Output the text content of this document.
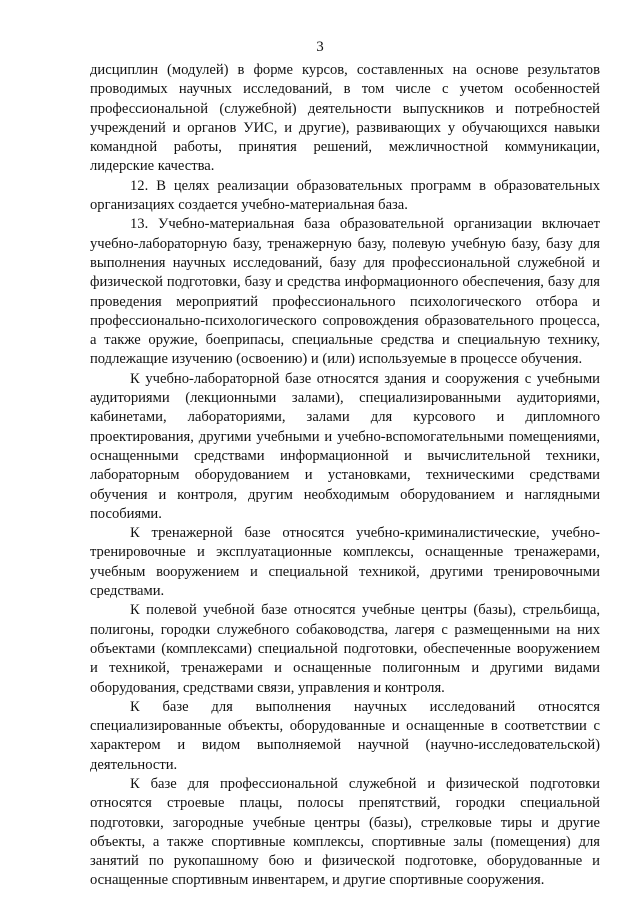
3

дисциплин (модулей) в форме курсов, составленных на основе результатов проводимых научных исследований, в том числе с учетом особенностей профессиональной (служебной) деятельности выпускников и потребностей учреждений и органов УИС, и другие), развивающих у обучающихся навыки командной работы, принятия решений, межличностной коммуникации, лидерские качества.

12. В целях реализации образовательных программ в образовательных организациях создается учебно-материальная база.

13. Учебно-материальная база образовательной организации включает учебно-лабораторную базу, тренажерную базу, полевую учебную базу, базу для выполнения научных исследований, базу для профессиональной служебной и физической подготовки, базу и средства информационного обеспечения, базу для проведения мероприятий профессионального психологического отбора и профессионально-психологического сопровождения образовательного процесса, а также оружие, боеприпасы, специальные средства и специальную технику, подлежащие изучению (освоению) и (или) используемые в процессе обучения.

К учебно-лабораторной базе относятся здания и сооружения с учебными аудиториями (лекционными залами), специализированными аудиториями, кабинетами, лабораториями, залами для курсового и дипломного проектирования, другими учебными и учебно-вспомогательными помещениями, оснащенными средствами информационной и вычислительной техники, лабораторным оборудованием и установками, техническими средствами обучения и контроля, другим необходимым оборудованием и наглядными пособиями.

К тренажерной базе относятся учебно-криминалистические, учебно-тренировочные и эксплуатационные комплексы, оснащенные тренажерами, учебным вооружением и специальной техникой, другими тренировочными средствами.

К полевой учебной базе относятся учебные центры (базы), стрельбища, полигоны, городки служебного собаководства, лагеря с размещенными на них объектами (комплексами) специальной подготовки, обеспеченные вооружением и техникой, тренажерами и оснащенные полигонным и другими видами оборудования, средствами связи, управления и контроля.

К базе для выполнения научных исследований относятся специализированные объекты, оборудованные и оснащенные в соответствии с характером и видом выполняемой научной (научно-исследовательской) деятельности.

К базе для профессиональной служебной и физической подготовки относятся строевые плацы, полосы препятствий, городки специальной подготовки, загородные учебные центры (базы), стрелковые тиры и другие объекты, а также спортивные комплексы, спортивные залы (помещения) для занятий по рукопашному бою и физической подготовке, оборудованные и оснащенные спортивным инвентарем, и другие спортивные сооружения.
